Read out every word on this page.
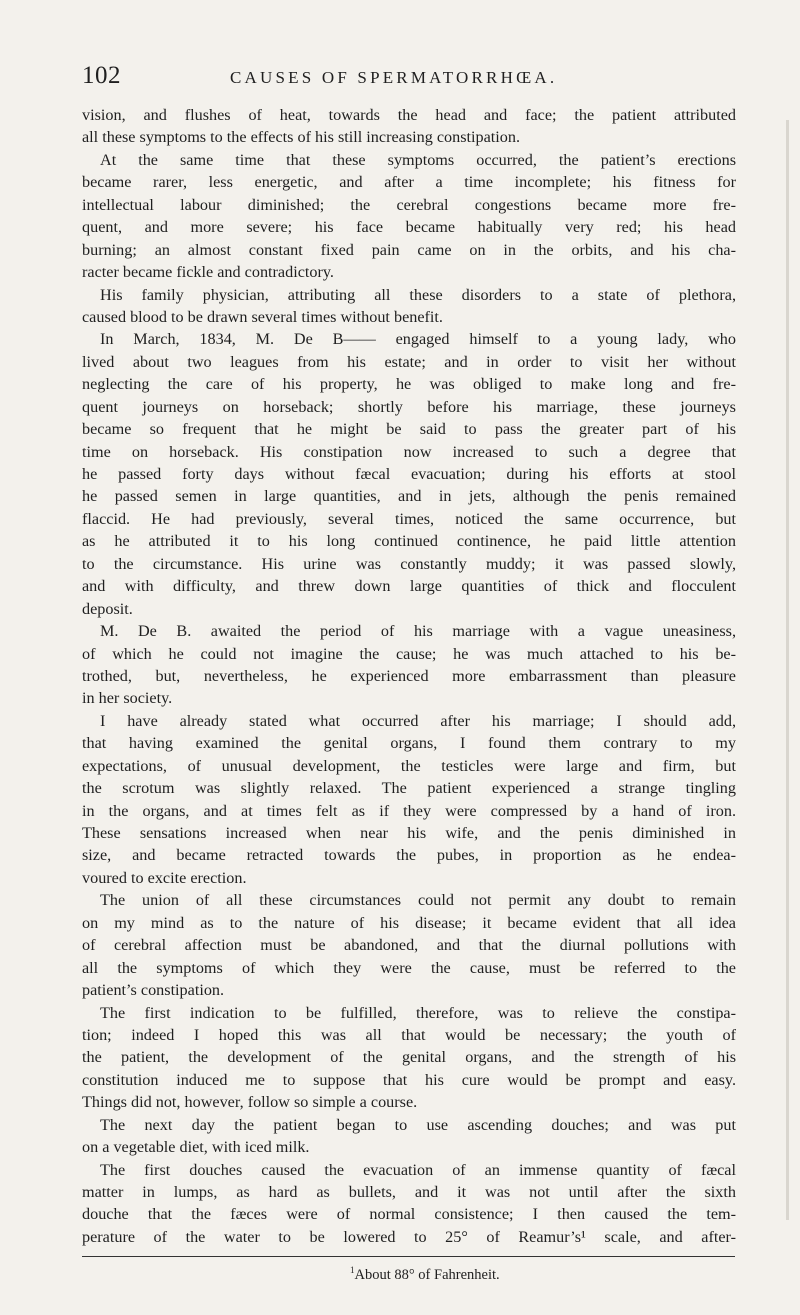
102	CAUSES OF SPERMATORRHŒA.
vision, and flushes of heat, towards the head and face; the patient attributed
all these symptoms to the effects of his still increasing constipation.
At the same time that these symptoms occurred, the patient’s erections
became rarer, less energetic, and after a time incomplete; his fitness for
intellectual labour diminished; the cerebral congestions became more fre-
quent, and more severe; his face became habitually very red; his head
burning; an almost constant fixed pain came on in the orbits, and his cha-
racter became fickle and contradictory.
His family physician, attributing all these disorders to a state of plethora,
caused blood to be drawn several times without benefit.
In March, 1834, M. De B—— engaged himself to a young lady, who
lived about two leagues from his estate; and in order to visit her without
neglecting the care of his property, he was obliged to make long and fre-
quent journeys on horseback; shortly before his marriage, these journeys
became so frequent that he might be said to pass the greater part of his
time on horseback. His constipation now increased to such a degree that
he passed forty days without fæcal evacuation; during his efforts at stool
he passed semen in large quantities, and in jets, although the penis remained
flaccid. He had previously, several times, noticed the same occurrence, but
as he attributed it to his long continued continence, he paid little attention
to the circumstance. His urine was constantly muddy; it was passed slowly,
and with difficulty, and threw down large quantities of thick and flocculent
deposit.
M. De B. awaited the period of his marriage with a vague uneasiness,
of which he could not imagine the cause; he was much attached to his be-
trothed, but, nevertheless, he experienced more embarrassment than pleasure
in her society.
I have already stated what occurred after his marriage; I should add,
that having examined the genital organs, I found them contrary to my
expectations, of unusual development, the testicles were large and firm, but
the scrotum was slightly relaxed. The patient experienced a strange tingling
in the organs, and at times felt as if they were compressed by a hand of iron.
These sensations increased when near his wife, and the penis diminished in
size, and became retracted towards the pubes, in proportion as he endea-
voured to excite erection.
The union of all these circumstances could not permit any doubt to remain
on my mind as to the nature of his disease; it became evident that all idea
of cerebral affection must be abandoned, and that the diurnal pollutions with
all the symptoms of which they were the cause, must be referred to the
patient’s constipation.
The first indication to be fulfilled, therefore, was to relieve the constipa-
tion; indeed I hoped this was all that would be necessary; the youth of
the patient, the development of the genital organs, and the strength of his
constitution induced me to suppose that his cure would be prompt and easy.
Things did not, however, follow so simple a course.
The next day the patient began to use ascending douches; and was put
on a vegetable diet, with iced milk.
The first douches caused the evacuation of an immense quantity of fæcal
matter in lumps, as hard as bullets, and it was not until after the sixth
douche that the fæces were of normal consistence; I then caused the tem-
perature of the water to be lowered to 25° of Reamur’s¹ scale, and after-
$^1$About 88° of Fahrenheit.
